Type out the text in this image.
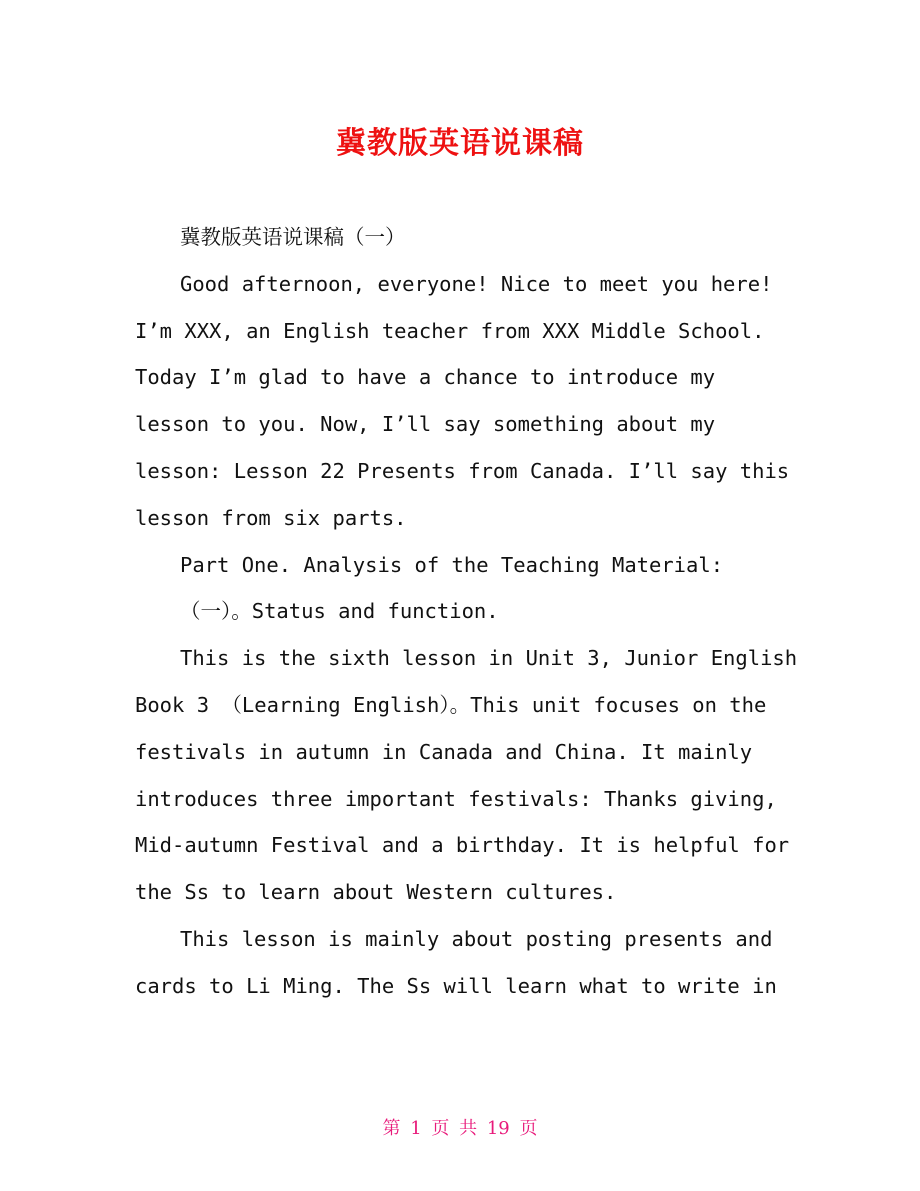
冀教版英语说课稿
冀教版英语说课稿（一）
Good afternoon, everyone! Nice to meet you here!
I’m XXX, an English teacher from XXX Middle School.
Today I’m glad to have a chance to introduce my
lesson to you. Now, I’ll say something about my
lesson: Lesson 22 Presents from Canada. I’ll say this
lesson from six parts.
Part One. Analysis of the Teaching Material:
（一）。Status and function.
This is the sixth lesson in Unit 3, Junior English
Book 3 （Learning English）。This unit focuses on the
festivals in autumn in Canada and China. It mainly
introduces three important festivals: Thanks giving,
Mid-autumn Festival and a birthday. It is helpful for
the Ss to learn about Western cultures.
This lesson is mainly about posting presents and
cards to Li Ming. The Ss will learn what to write in
第 1 页 共 19 页
